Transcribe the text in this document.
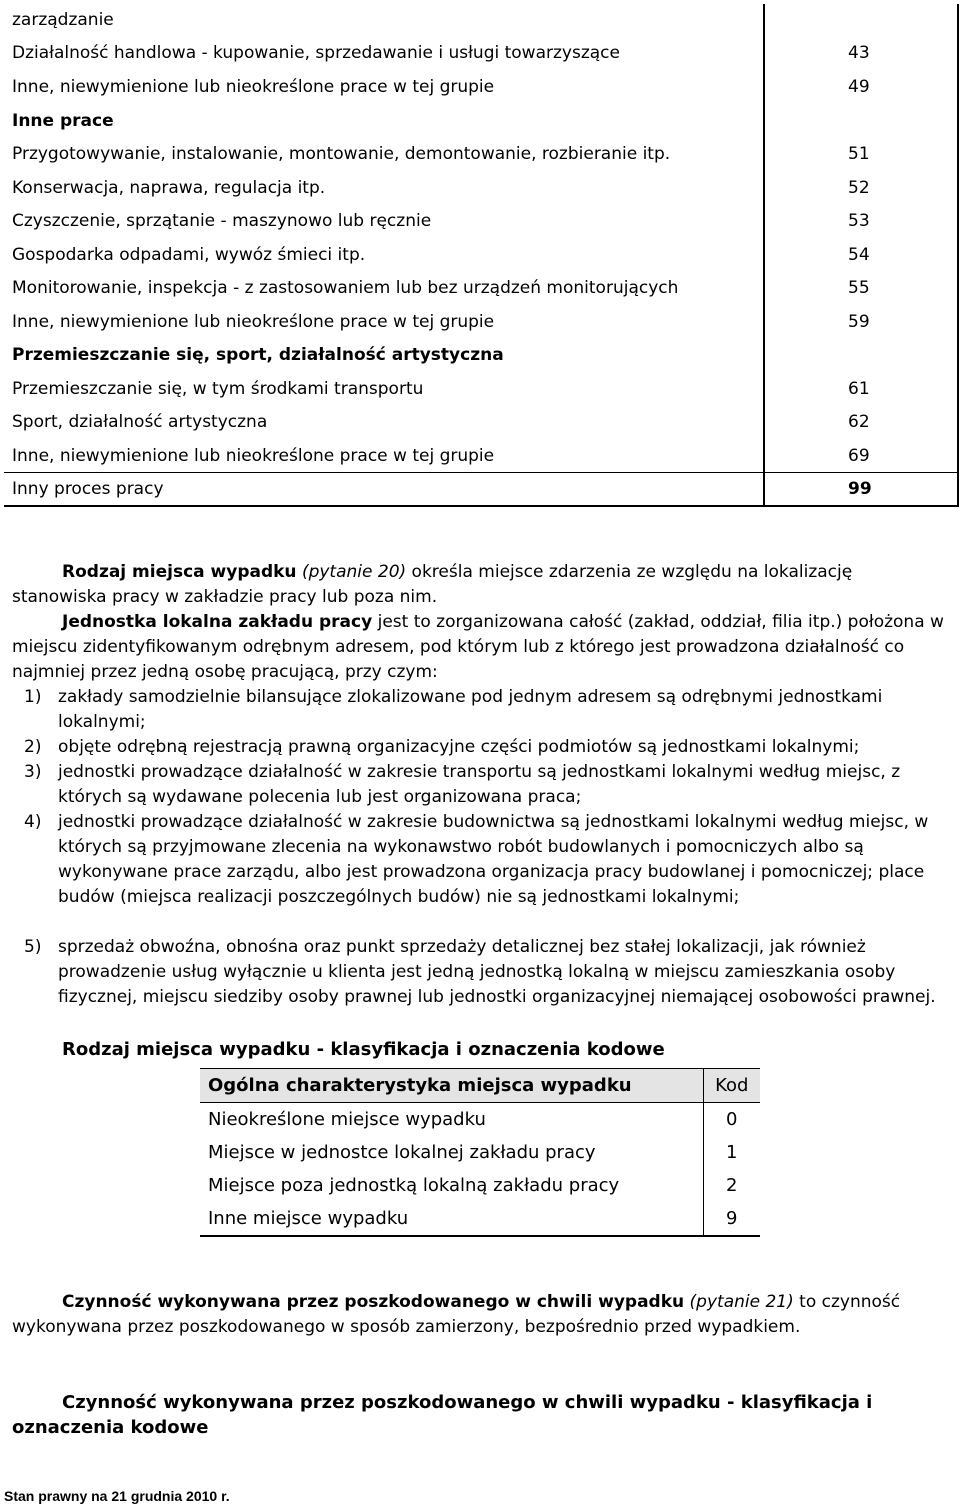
zarządzanie
Działalność handlowa - kupowanie, sprzedawanie i usługi towarzyszące	43
Inne, niewymienione lub nieokreślone prace w tej grupie	49
Inne prace
Przygotowywanie, instalowanie, montowanie, demontowanie, rozbieranie itp.	51
Konserwacja, naprawa, regulacja itp.	52
Czyszczenie, sprzątanie - maszynowo lub ręcznie	53
Gospodarka odpadami, wywóz śmieci itp.	54
Monitorowanie, inspekcja - z zastosowaniem lub bez urządzeń monitorujących	55
Inne, niewymienione lub nieokreślone prace w tej grupie	59
Przemieszczanie się, sport, działalność artystyczna
Przemieszczanie się, w tym środkami transportu	61
Sport, działalność artystyczna	62
Inne, niewymienione lub nieokreślone prace w tej grupie	69
Inny proces pracy	99
Rodzaj miejsca wypadku (pytanie 20) określa miejsce zdarzenia ze względu na lokalizację stanowiska pracy w zakładzie pracy lub poza nim.
Jednostka lokalna zakładu pracy jest to zorganizowana całość (zakład, oddział, filia itp.) położona w miejscu zidentyfikowanym odrębnym adresem, pod którym lub z którego jest prowadzona działalność co najmniej przez jedną osobę pracującą, przy czym:
1) zakłady samodzielnie bilansujące zlokalizowane pod jednym adresem są odrębnymi jednostkami lokalnymi;
2) objęte odrębną rejestracją prawną organizacyjne części podmiotów są jednostkami lokalnymi;
3) jednostki prowadzące działalność w zakresie transportu są jednostkami lokalnymi według miejsc, z których są wydawane polecenia lub jest organizowana praca;
4) jednostki prowadzące działalność w zakresie budownictwa są jednostkami lokalnymi według miejsc, w których są przyjmowane zlecenia na wykonawstwo robót budowlanych i pomocniczych albo są wykonywane prace zarządu, albo jest prowadzona organizacja pracy budowlanej i pomocniczej; place budów (miejsca realizacji poszczególnych budów) nie są jednostkami lokalnymi;
5) sprzedaż obwoźna, obnośna oraz punkt sprzedaży detalicznej bez stałej lokalizacji, jak również prowadzenie usług wyłącznie u klienta jest jedną jednostką lokalną w miejscu zamieszkania osoby fizycznej, miejscu siedziby osoby prawnej lub jednostki organizacyjnej niemającej osobowości prawnej.
Rodzaj miejsca wypadku - klasyfikacja i oznaczenia kodowe
Ogólna charakterystyka miejsca wypadku	Kod
Nieokreślone miejsce wypadku	0
Miejsce w jednostce lokalnej zakładu pracy	1
Miejsce poza jednostką lokalną zakładu pracy	2
Inne miejsce wypadku	9
Czynność wykonywana przez poszkodowanego w chwili wypadku (pytanie 21) to czynność wykonywana przez poszkodowanego w sposób zamierzony, bezpośrednio przed wypadkiem.
Czynność wykonywana przez poszkodowanego w chwili wypadku - klasyfikacja i oznaczenia kodowe
Stan prawny na 21 grudnia 2010 r.
